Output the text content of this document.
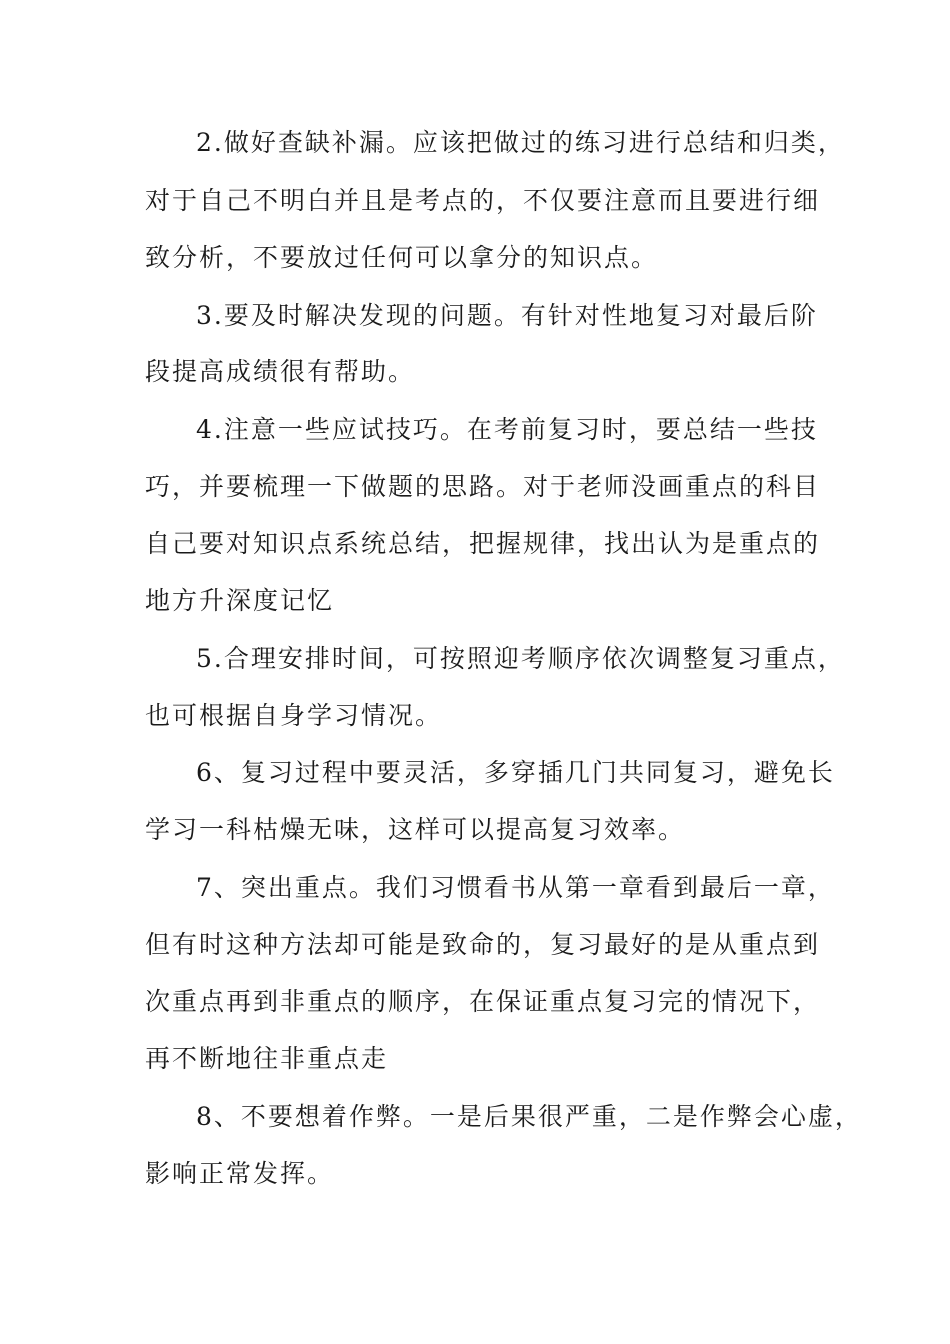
2.做好查缺补漏。应该把做过的练习进行总结和归类，
对于自己不明白并且是考点的，不仅要注意而且要进行细
致分析，不要放过任何可以拿分的知识点。
3.要及时解决发现的问题。有针对性地复习对最后阶
段提高成绩很有帮助。
4.注意一些应试技巧。在考前复习时，要总结一些技
巧，并要梳理一下做题的思路。对于老师没画重点的科目
自己要对知识点系统总结，把握规律，找出认为是重点的
地方升深度记忆
5.合理安排时间，可按照迎考顺序依次调整复习重点，
也可根据自身学习情况。
6、复习过程中要灵活，多穿插几门共同复习，避免长
学习一科枯燥无味，这样可以提高复习效率。
7、突出重点。我们习惯看书从第一章看到最后一章，
但有时这种方法却可能是致命的，复习最好的是从重点到
次重点再到非重点的顺序，在保证重点复习完的情况下，
再不断地往非重点走
8、不要想着作弊。一是后果很严重，二是作弊会心虚，
影响正常发挥。
